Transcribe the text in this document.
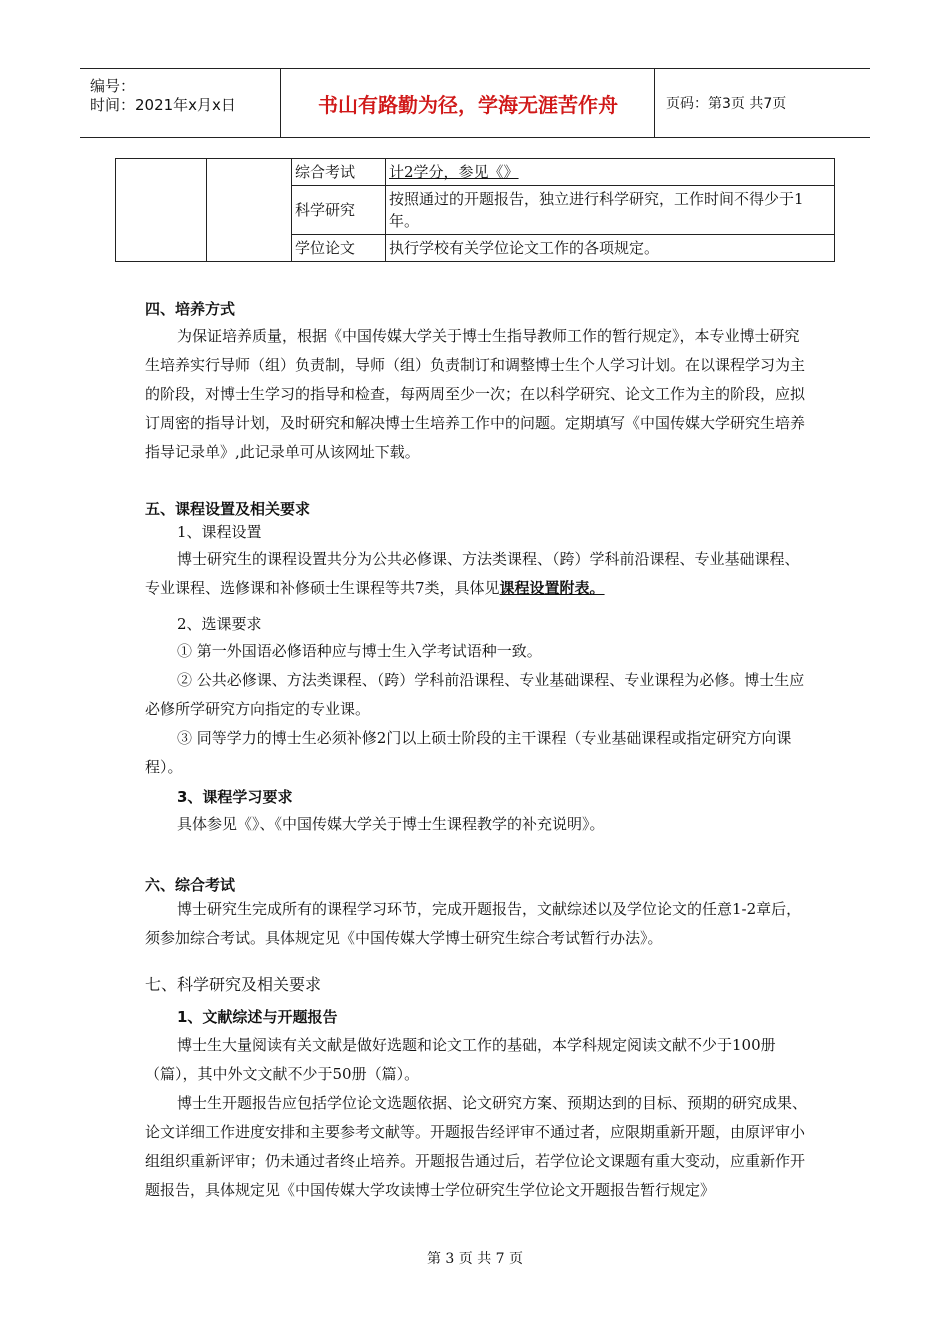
编号：
时间：2021年x月x日	书山有路勤为径，学海无涯苦作舟	页码：第3页 共7页
		综合考试	计2学分，参见《》
		科学研究	按照通过的开题报告，独立进行科学研究，工作时间不得少于1年。
		学位论文	执行学校有关学位论文工作的各项规定。
四、培养方式

为保证培养质量，根据《中国传媒大学关于博士生指导教师工作的暂行规定》，本专业博士研究生培养实行导师（组）负责制，导师（组）负责制订和调整博士生个人学习计划。在以课程学习为主的阶段，对博士生学习的指导和检查，每两周至少一次；在以科学研究、论文工作为主的阶段，应拟订周密的指导计划，及时研究和解决博士生培养工作中的问题。定期填写《中国传媒大学研究生培养指导记录单》,此记录单可从该网址下载。

五、课程设置及相关要求
1、课程设置

博士研究生的课程设置共分为公共必修课、方法类课程、（跨）学科前沿课程、专业基础课程、专业课程、选修课和补修硕士生课程等共7类，具体见课程设置附表。

2、选课要求

① 第一外国语必修语种应与博士生入学考试语种一致。

② 公共必修课、方法类课程、（跨）学科前沿课程、专业基础课程、专业课程为必修。博士生应必修所学研究方向指定的专业课。

③ 同等学力的博士生必须补修2门以上硕士阶段的主干课程（专业基础课程或指定研究方向课程）。

3、课程学习要求

具体参见《》、《中国传媒大学关于博士生课程教学的补充说明》。

六、综合考试

博士研究生完成所有的课程学习环节，完成开题报告，文献综述以及学位论文的任意1-2章后，须参加综合考试。具体规定见《中国传媒大学博士研究生综合考试暂行办法》。

七、科学研究及相关要求
1、文献综述与开题报告

博士生大量阅读有关文献是做好选题和论文工作的基础，本学科规定阅读文献不少于100册（篇），其中外文文献不少于50册（篇）。

博士生开题报告应包括学位论文选题依据、论文研究方案、预期达到的目标、预期的研究成果、论文详细工作进度安排和主要参考文献等。开题报告经评审不通过者，应限期重新开题，由原评审小组组织重新评审；仍未通过者终止培养。开题报告通过后，若学位论文课题有重大变动，应重新作开题报告，具体规定见《中国传媒大学攻读博士学位研究生学位论文开题报告暂行规定》

第 3 页 共 7 页
